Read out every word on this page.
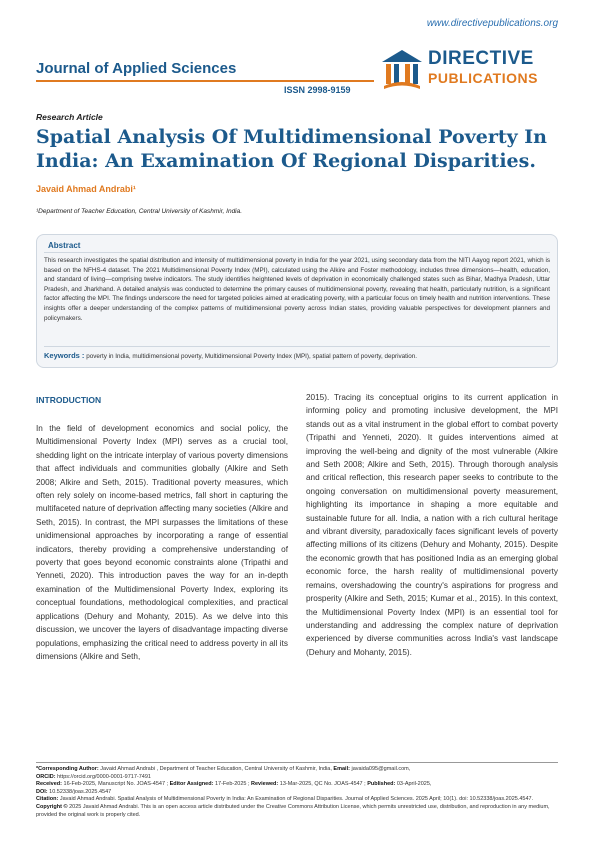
www.directivepublications.org
Journal of Applied Sciences
ISSN 2998-9159
DIRECTIVE
PUBLICATIONS
Research Article
Spatial Analysis Of Multidimensional Poverty In India: An Examination Of Regional Disparities.
Javaid Ahmad Andrabi¹
¹Department of Teacher Education, Central University of Kashmir, India.
Abstract
This research investigates the spatial distribution and intensity of multidimensional poverty in India for the year 2021, using secondary data from the NITI Aayog report 2021, which is based on the NFHS-4 dataset. The 2021 Multidimensional Poverty Index (MPI), calculated using the Alkire and Foster methodology, includes three dimensions—health, education, and standard of living—comprising twelve indicators. The study identifies heightened levels of deprivation in economically challenged states such as Bihar, Madhya Pradesh, Uttar Pradesh, and Jharkhand. A detailed analysis was conducted to determine the primary causes of multidimensional poverty, revealing that health, particularly nutrition, is a significant factor affecting the MPI. The findings underscore the need for targeted policies aimed at eradicating poverty, with a particular focus on timely health and nutrition interventions. These insights offer a deeper understanding of the complex patterns of multidimensional poverty across Indian states, providing valuable perspectives for development planners and policymakers.
Keywords : poverty in India, multidimensional poverty, Multidimensional Poverty Index (MPI), spatial pattern of poverty, deprivation.
INTRODUCTION
In the field of development economics and social policy, the Multidimensional Poverty Index (MPI) serves as a crucial tool, shedding light on the intricate interplay of various poverty dimensions that affect individuals and communities globally (Alkire and Seth 2008; Alkire and Seth, 2015). Traditional poverty measures, which often rely solely on income-based metrics, fall short in capturing the multifaceted nature of deprivation affecting many societies (Alkire and Seth, 2015). In contrast, the MPI surpasses the limitations of these unidimensional approaches by incorporating a range of essential indicators, thereby providing a comprehensive understanding of poverty that goes beyond economic constraints alone (Tripathi and Yenneti, 2020). This introduction paves the way for an in-depth examination of the Multidimensional Poverty Index, exploring its conceptual foundations, methodological complexities, and practical applications (Dehury and Mohanty, 2015). As we delve into this discussion, we uncover the layers of disadvantage impacting diverse populations, emphasizing the critical need to address poverty in all its dimensions (Alkire and Seth,
2015). Tracing its conceptual origins to its current application in informing policy and promoting inclusive development, the MPI stands out as a vital instrument in the global effort to combat poverty (Tripathi and Yenneti, 2020). It guides interventions aimed at improving the well-being and dignity of the most vulnerable (Alkire and Seth 2008; Alkire and Seth, 2015). Through thorough analysis and critical reflection, this research paper seeks to contribute to the ongoing conversation on multidimensional poverty measurement, highlighting its importance in shaping a more equitable and sustainable future for all. India, a nation with a rich cultural heritage and vibrant diversity, paradoxically faces significant levels of poverty affecting millions of its citizens (Dehury and Mohanty, 2015). Despite the economic growth that has positioned India as an emerging global economic force, the harsh reality of multidimensional poverty remains, overshadowing the country's aspirations for progress and prosperity (Alkire and Seth, 2015; Kumar et al., 2015). In this context, the Multidimensional Poverty Index (MPI) is an essential tool for understanding and addressing the complex nature of deprivation experienced by diverse communities across India's vast landscape (Dehury and Mohanty, 2015).
*Corresponding Author: Javaid Ahmad Andrabi , Department of Teacher Education, Central University of Kashmir, India, Email: javaida095@gmail.com,
ORCID: https://orcid.org/0000-0001-9717-7491
Received: 16-Feb-2025, Manuscript No. JOAS-4547 ; Editor Assigned: 17-Feb-2025 ; Reviewed: 13-Mar-2025, QC No. JOAS-4547 ; Published: 03-April-2025,
DOI: 10.52338/joas.2025.4547
Citation: Javaid Ahmad Andrabi. Spatial Analysis of Multidimensional Poverty in India: An Examination of Regional Disparities. Journal of Applied Sciences. 2025 April; 10(1). doi: 10.52338/joas.2025.4547.
Copyright © 2025 Javaid Ahmad Andrabi. This is an open access article distributed under the Creative Commons Attribution License, which permits unrestricted use, distribution, and reproduction in any medium, provided the original work is properly cited.
